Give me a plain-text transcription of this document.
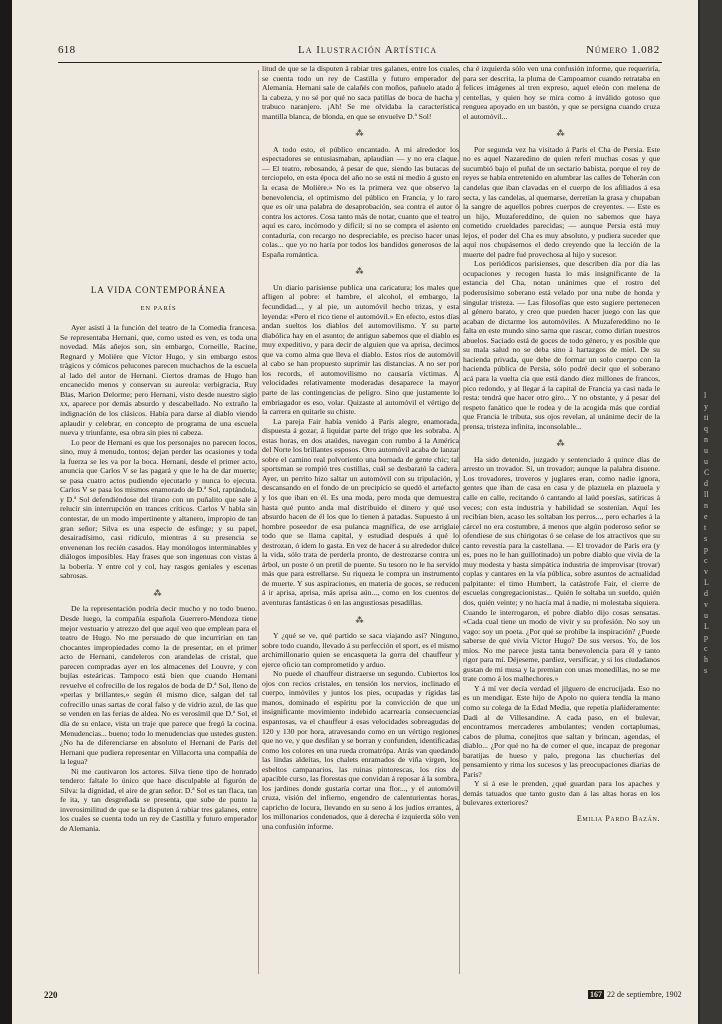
l
y
ti
q
n
u
u
C
d
ll
n
e
t
s
p
c
v
L
d
v
u
L
p
c
h
s
618	La Ilustración Artística	Número 1.082
LA VIDA CONTEMPORÁNEA
EN PARÍS

Ayer asistí á la función del teatro de la Comedia francesa. Se representaba Hernani, que, como usted es ven, es toda una novedad. Más añejos son, sin embargo, Corneille, Racine, Regnard y Molière que Víctor Hugo, y sin embargo estos trágicos y cómicos pelucones parecen muchachos de la escuela al lado del autor de Hernani. Ciertos dramas de Hugo han encanecido menos y conservan su aureola: verbigracia, Ruy Blas, Marion Delorme; pero Hernani, visto desde nuestro siglo xx, aparece por demás absurdo y descabellado. No extraño la indignación de los clásicos. Había para darse al diablo viendo aplaudir y celebrar, en concepto de programa de una escuela nueva y triunfante, esa obra sin pies ni cabeza.

Lo peor de Hernani es que los personajes no parecen locos, sino, muy á menudo, tontos; dejan perder las ocasiones y toda la fuerza se les va por la boca. Hernani, desde el primer acto, anuncia que Carlos V se las pagará y que le ha de dar muerte; se pasa cuatro actos pudiendo ejecutarlo y nunca lo ejecuta. Carlos V se pasa los mismos enamorado de D.ª Sol, raptándola, y D.ª Sol defendiéndose del tirano con un puñalito que sale á relucir sin interrupción en trances críticos. Carlos V habla sin contestar, de un modo impertinente y altanero, impropio de tan gran señor; Silva es una especie de esfinge; y su papel, desairadísimo, casi ridículo, mientras á su presencia se envenenan los recién casados. Hay monólogos interminables y diálogos imposibles. Hay frases que son ingenuas con vistas á la bobería. Y entre col y col, hay rasgos geniales y escenas sabrosas.

⁂

De la representación podría decir mucho y no todo bueno. Desde luego, la compañía española Guerrero-Mendoza tiene mejor vestuario y atrezzo del que aquí veo que emplean para el teatro de Hugo. No me persuado de que incurrirían en tan chocantes impropiedades como la de presentar, en el primer acto de Hernani, candeleros con arandelas de cristal, que parecen compradas ayer en los almacenes del Louvre, y con bujías esteáricas. Tampoco está bien que cuando Hernani revuelve el cofrecillo de los regalos de boda de D.ª Sol, lleno de «perlas y brillantes,» según él mismo dice, salgan del tal cofrecillo unas sartas de coral falso y de vidrio azul, de las que se venden en las ferias de aldea. No es verosímil que D.ª Sol, el día de su enlace, vista un traje que parece que fregó la cocina. Menudencias... bueno; todo lo menudencias que ustedes gusten. ¿No ha de diferenciarse en absoluto el Hernani de París del Hernani que pudiera representar en Villacorta una compañía de la legua?

Ni me cautivaron los actores. Silva tiene tipo de honrado tendero: faltale lo único que hace disculpable al figurón de Silva: la dignidad, el aire de gran señor. D.ª Sol es tan flaca, tan fe ita, y tan desgreñada se presenta, que sube de punto la inverosimilitud de que se la disputen á rabiar tres galanes, entre los cuales se cuenta todo un rey de Castilla y futuro emperador de Alemania.

litud de que se la disputen á rabiar tres galanes, entre los cuales se cuenta todo un rey de Castilla y futuro emperador de Alemania. Hernani sale de calañés con moños, pañuelo atado á la cabeza, y no sé por qué no saca patillas de boca de hacha y trabuco naranjero. ¡Ah! Se me olvidaba la característica mantilla blanca, de blonda, en que se envuelve D.ª Sol!

⁂

A todo esto, el público encantado. A mi alrededor los espectadores se entusiasmaban, aplaudían — y no era claque. — El teatro, rebosando, á pesar de que, siendo las butacas de terciopelo, en esta época del año no se está ni medio á gusto en la ecasa de Molière.» No es la primera vez que observo la benevolencia, el optimismo del público en Francia, y lo raro que es oír una palabra de desaprobación, sea contra el autor ó contra los actores. Cosa tanto más de notar, cuanto que el teatro aquí es caro, incómodo y difícil; si no se compra el asiento en contaduría, con recargo no despreciable, es preciso hacer unas colas... que yo no haría por todos los bandidos generosos de la España romántica.

⁂

Un diario parisiense publica una caricatura; los males que afligen al pobre: el hambre, el alcohol, el embargo, la fecundidad..., y al pie, un automóvil hecho trizas, y esta leyenda: «Pero el rico tiene el automóvil.» En efecto, estos días andan sueltos los diablos del automovilismo. Y su parte diabólica hay en el asunto; de antiguo sabemos que el diablo es muy expeditivo, y para decir de alguien que va aprisa, decimos que va como alma que lleva el diablo. Estos ríos de automóvil al cabo se han propuesto suprimir las distancias. A no ser por los records, el automovilismo no causaría víctimas. A velocidades relativamente moderadas desaparece la mayor parte de las contingencias de peligro. Sino que justamente lo embriagador es eso, volar. Quizaste al automóvil el vértigo de la carrera en quitarle su chiste.

La pareja Fair había venido á París alegre, enamorada, dispuesta á gozar, á liquidar parte del trigo que les sobraba. A estas horas, en dos ataúdes, navegan con rumbo á la América del Norte los brillantes esposos. Otro automóvil acaba de lanzar sobre el camino real polvoriento una bornada de gente chic; tal sportsman se rompió tres costillas, cuál se desbarató la cadera. Ayer, un perrito hizo saltar un automóvil con su tripulación, y descansando en el fondo de un precipicio se quedó el artefacto y los que iban en él. Es una moda, pero moda que demuestra hasta qué punto anda mal distribuido el dinero y qué uso absurdo hacen de él los que lo tienen á patadas. Supuesto á un hombre poseedor de esa pulanca magnífica, de ese arriglaie todo que se llama capital, y estudiad después á qué lo destrozan, ó idem lo gasta. En vez de hacer á su alrededor dulce la vida, sólo trata de perderla pronto, de destrozarse contra un árbol, un poste ó un pretil de puente. Su tesoro no le ha servido más que para estrellarse. Su riqueza le compra un instrumento de muerte. Y sus aspiraciones, en materia de goces, se reducen á ir aprisa, aprisa, más aprisa aún..., como en los cuentos de aventuras fantásticas ó en las angustiosas pesadillas.

⁂

Y ¿qué se ve, qué partido se saca viajando así? Ninguno, sobre todo cuando, llevado á su perfección el sport, es el mismo archimillonario quien se encasqueta la gorra del chauffeur y ejerce oficio tan comprometido y arduo.

No puede el chauffeur distraerse un segundo. Cubiertos los ojos con recios cristales, en tensión los nervios, inclinado el cuerpo, inmóviles y juntos los pies, ocupadas y rígidas las manos, dominado el espíritu por la convicción de que un insignificante movimiento indebido acarrearía consecuencias espantosas, va el chauffeur á esas velocidades sobreagudas de 120 y 130 por hora, atravesando como en un vértigo regiones que no ve, y que desfilan y se borran y confunden, identificadas como los colores en una rueda cromatrópa. Atrás van quedando las lindas aldeítas, los chalets enramados de viña virgen, los esbeltos campanarios, las ruinas pintorescas, los ríos de apacible curso, las florestas que convidan á reposar á la sombra, los jardines donde gustaría cortar una flor..., y el automóvil cruza, visión del infierno, engendro de calenturientas horas, capricho de locura, llevando en su seno á los judíos errantes, á los millonarios condenados, que á derecha é izquierda sólo ven una confusión informe.

cha é izquierda sólo ven una confusión informe, que requeriría, para ser descrita, la pluma de Campoamor cuando retrataba en felices imágenes al tren expreso, aquel eleón con melena de centellas, y quien hoy se mira como á inválido gotoso que renguea apoyado en un bastón, y que se persigna cuando cruza el automóvil...

⁂

Por segunda vez ha visitado á París el Cha de Persia. Este no es aquel Nazaredino de quien referí muchas cosas y que sucumbió bajo el puñal de un sectario babista, porque el rey de reyes se había entretenido en alumbrar las calles de Teherán con candelas que iban clavadas en el cuerpo de los afiliados á esa secta, y las candelas, al quemarse, derretían la grasa y chupaban la sangre de aquellos pobres cuerpos de creyentes. — Este es un hijo, Muzafereddino, de quien no sabemos que haya cometido crueldades parecidas; — aunque Persia está muy lejos, el poder del Cha es muy absoluto, y pudiera suceder que aquí nos chupásemos el dedo creyendo que la lección de la muerte del padre fué provechosa al hijo y sucesor.

Los periódicos parisienses, que describen día por día las ocupaciones y recogen hasta lo más insignificante de la estancia del Cha, notan unánimes que el rostro del poderosísimo soberano está velado por una nube de honda y singular tristeza. — Las filosofías que esto sugiere pertenecen al género barato, y creo que pueden hacer juego con las que acaban de dictarme los automóviles. A Muzafereddino no le falta en este mundo sino sarna que rascar, como dirían nuestros abuelos. Saciado está de goces de todo género, y es posible que su mala salud no se deba sino á hartazgos de miel. De su hacienda privada, que debe de formar un solo cuerpo con la hacienda pública de Persia, sólo podré decir que el soberano acá para la vuelta cía que está dando diez millones de francos, pico redondo, y al llegar á la capital de Francia ya casi nada le resta: tendrá que hacer otro giro... Y no obstante, y á pesar del respeto fanático que le rodea y de la acogida más que cordial que Francia le tributa, sus ojos revelan, al unánime decir de la prensa, tristeza infinita, inconsolable...

⁂

Ha sido detenido, juzgado y sentenciado á quince días de arresto un trovador. Sí, un trovador; aunque la palabra disuene. Los trovadores, troveros y juglares eran, como nadie ignora, gentes que iban de casa en casa y de plazuela en plazuela y calle en calle, recitando ó cantando al laúd poesías, satíricas á veces; con esta industria y habilidad se sostenían. Aquí les recibían bien, acaso les soltaban los perros..., pero echarles á la cárcel no era costumbre, á menos que algún poderoso señor se ofendiese de sus chirigotas ó se celase de los atractivos que su canto revestía para la castellana. — El trovador de París era (y es, pues no le han guillotinado) un pobre diablo que vivía de la muy modesta y hasta simpática industria de improvisar (trovar) coplas y cantares en la vía pública, sobre asuntos de actualidad palpitante: el timo Humbert, la catástrofe Fair, el cierre de escuelas congregacionistas... Quién le soltaba un sueldo, quién dos, quién veinte; y no hacía mal á nadie, ni molestaba siquiera. Cuando le interrogaron, el pobre diablo dijo cosas sensatas. «Cada cual tiene un modo de vivir y su profesión. No soy un vago: soy un poeta. ¿Por qué se prohíbe la inspiración? ¿Puede saberse de qué vivía Víctor Hugo? De sus versos. Yo, de los míos. No me parece justa tanta benevolencia para él y tanto rigor para mí. Déjeseme, pardiez, versificar, y si los ciudadanos gustan de mi musa y la premian con unas monedillas, no se me trate como á los malhechores.»

Y á mí ver decía verdad el jilguero de encrucijada. Eso no es un mendigar. Este hijo de Apolo no quiera tendía la mano como su colega de la Edad Media, que repetía plañideramente: Dadi al de Villesandine. A cada paso, en el bulevar, encontramos mercaderes ambulantes; venden cortaplumas, cabos de pluma, conejitos que saltan y brincan, agendas, el diablo... ¿Por qué no ha de comer el que, incapaz de pregonar baratijas de hueso y palo, pregona las chucherías del pensamiento y rima los sucesos y las preocupaciones diarias de París?

Y si á ese le prenden, ¿qué guardan para los apaches y demás tatuados que tanto gusto dan á las altas horas en los bulevares exteriores?

Emilia Pardo Bazán.
220	167 22 de septiembre, 1902
